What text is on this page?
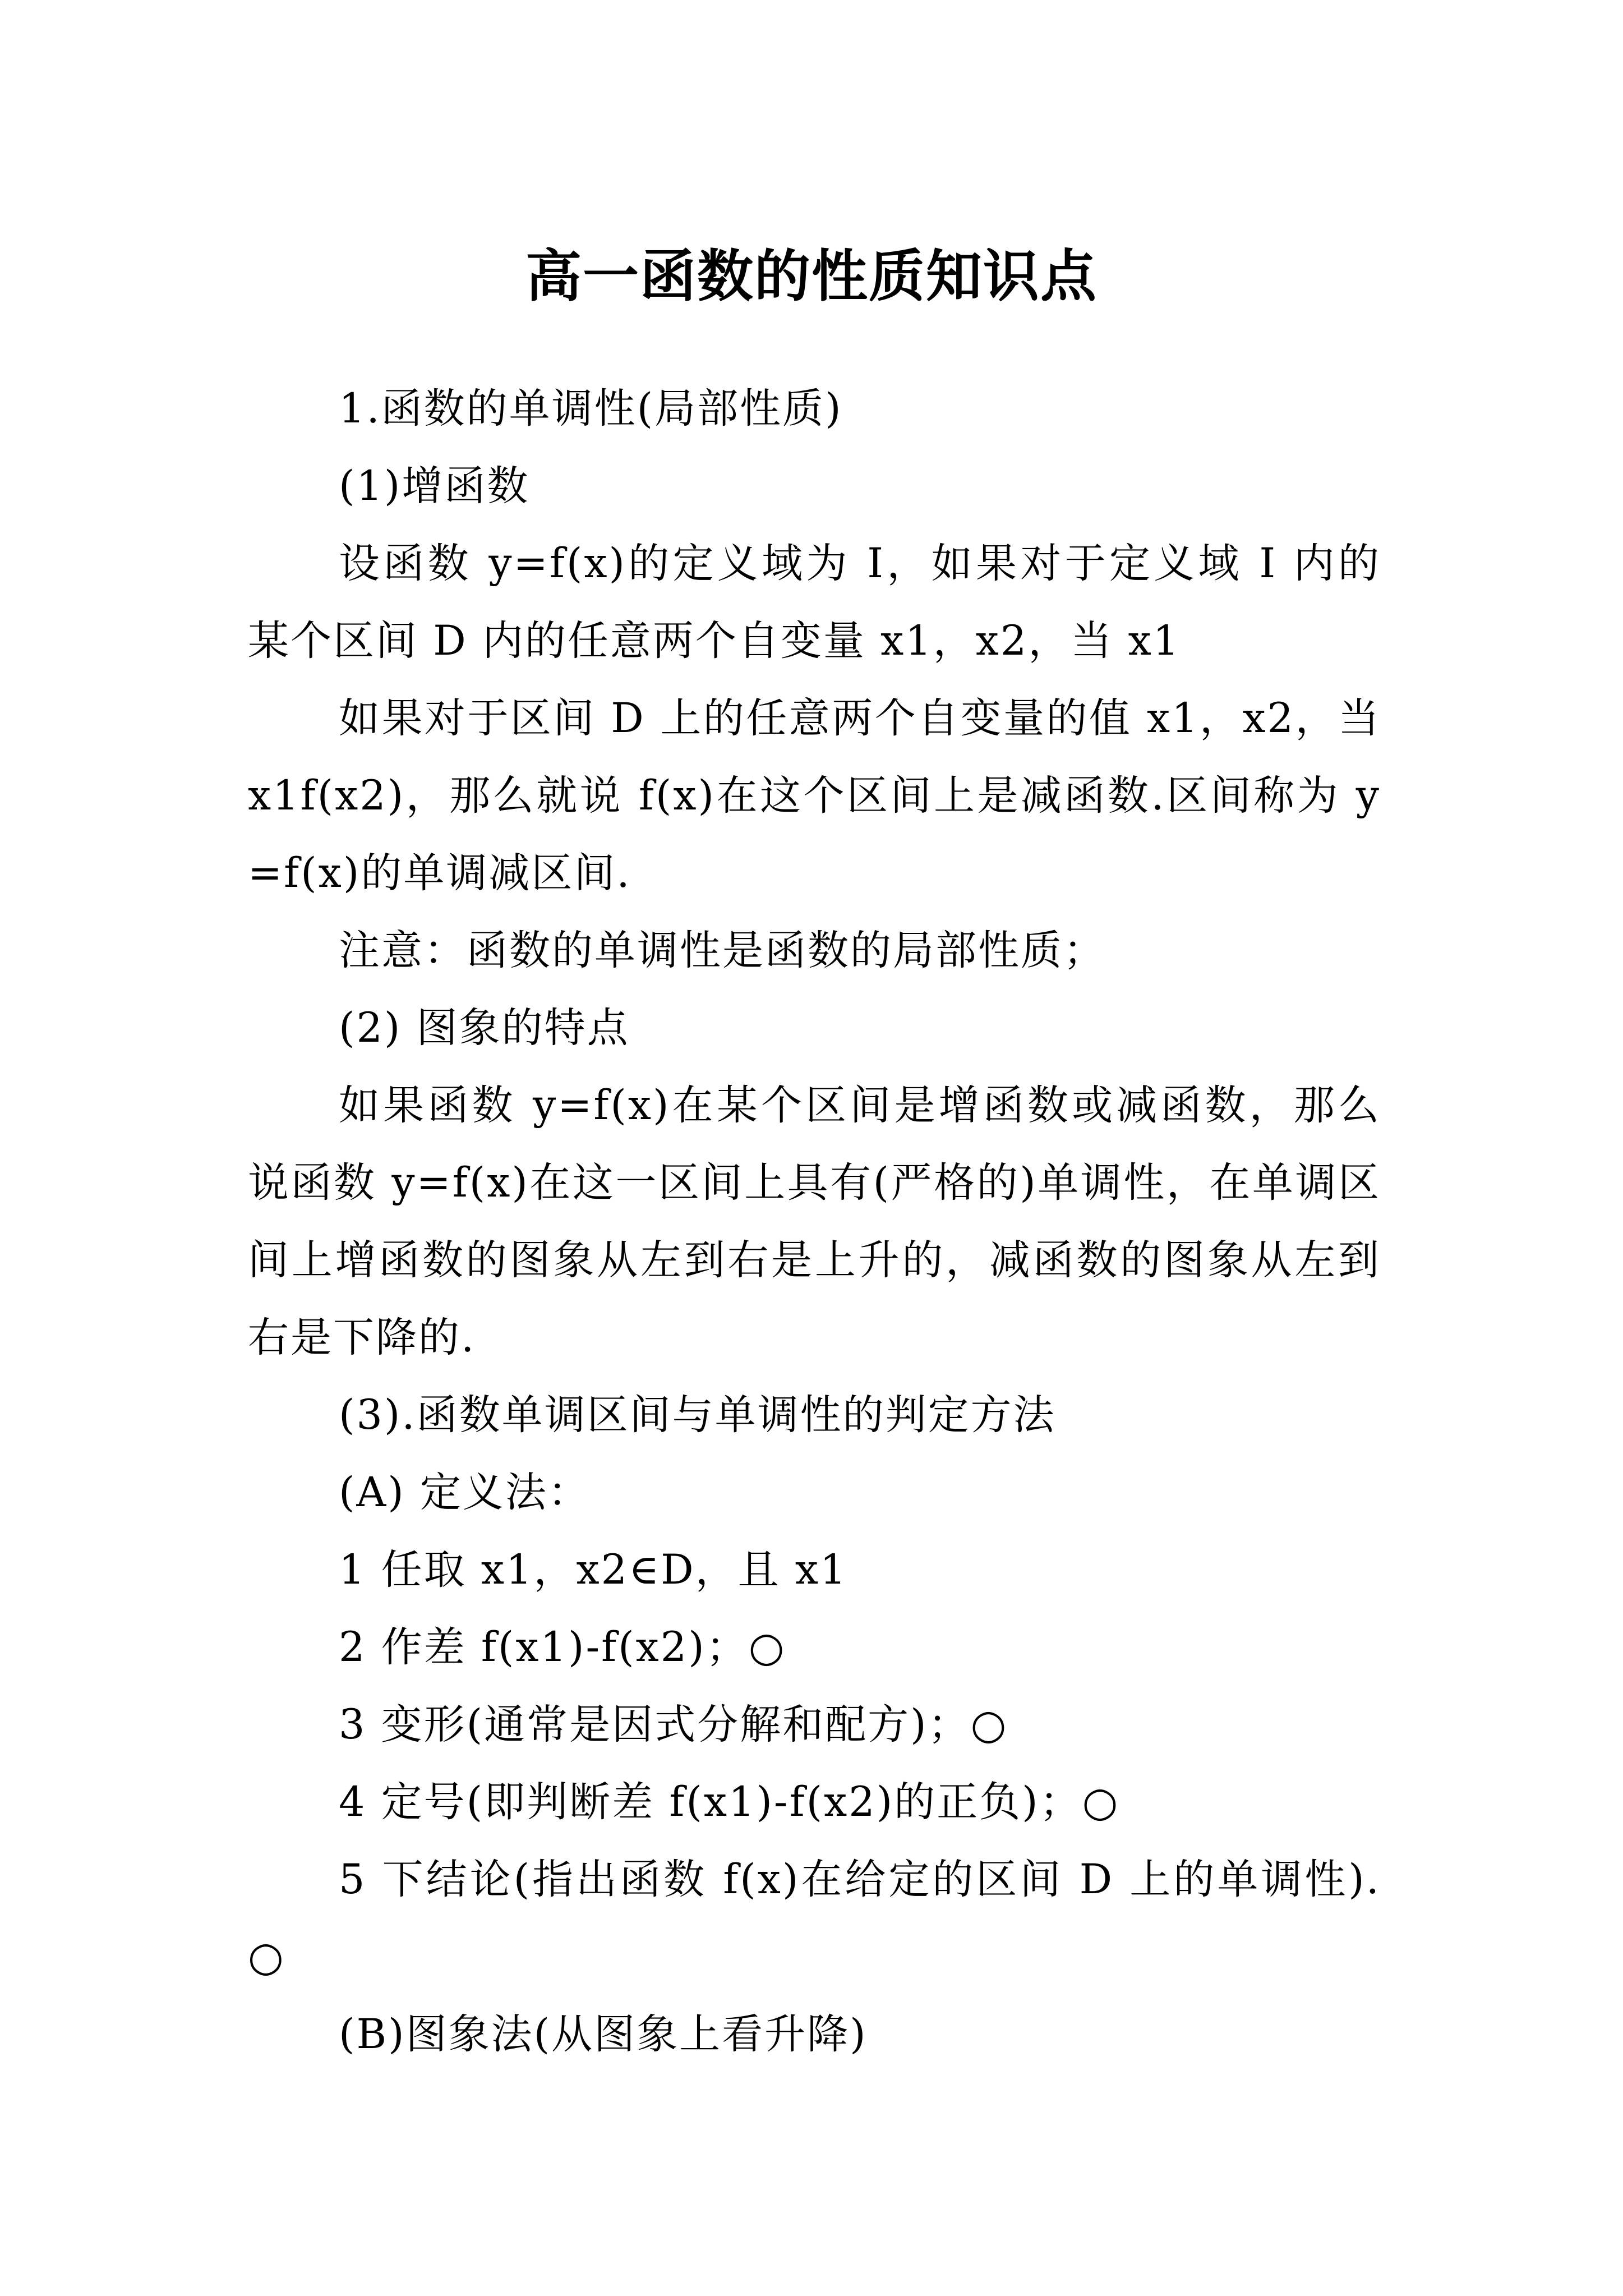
高一函数的性质知识点

1.函数的单调性(局部性质)

(1)增函数

设函数 y=f(x)的定义域为 I，如果对于定义域 I 内的某个区间 D 内的任意两个自变量 x1，x2，当 x1

如果对于区间 D 上的任意两个自变量的值 x1，x2，当 x1f(x2)，那么就说 f(x)在这个区间上是减函数.区间称为 y=f(x)的单调减区间.

注意：函数的单调性是函数的局部性质；

(2) 图象的特点

如果函数 y=f(x)在某个区间是增函数或减函数，那么说函数 y=f(x)在这一区间上具有(严格的)单调性，在单调区间上增函数的图象从左到右是上升的，减函数的图象从左到右是下降的.

(3).函数单调区间与单调性的判定方法

(A) 定义法：

1 任取 x1，x2∈D，且 x1

2 作差 f(x1)-f(x2)；○

3 变形(通常是因式分解和配方)；○

4 定号(即判断差 f(x1)-f(x2)的正负)；○

5 下结论(指出函数 f(x)在给定的区间 D 上的单调性).○

(B)图象法(从图象上看升降)
